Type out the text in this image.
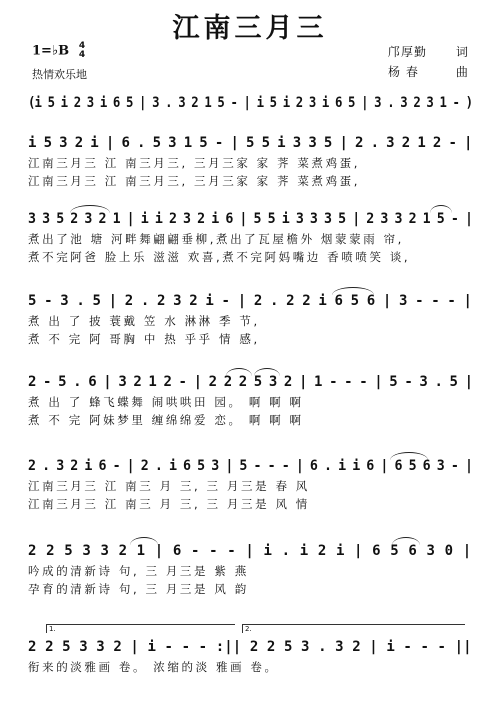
江南三月三
1=♭B 4
4
热情欢乐地
邝厚勤 词
杨 春	曲
(i 5 i 2 3 i 6 5 | 3 . 3 2 1 5 - | i 5 i 2 3 i 6 5 | 3 . 3 2 3 1 - )
i 5 3 2 i | 6 . 5 3 1 5 - | 5 5 i 3 3 5 | 2 . 3 2 1 2 - |
江南三月三 江 南三月三, 三月三家 家 荠 菜煮鸡蛋,
江南三月三 江 南三月三, 三月三家 家 荠 菜煮鸡蛋,
3 3 5 2 3 2 1 | i i 2 3 2 i 6 | 5 5 i 3 3 3 5 | 2 3 3 2 1 5 - |
煮出了池 塘 河畔舞翩翩垂柳,煮出了瓦屋檐外 烟蒙蒙雨 帘,
煮不完阿爸 脸上乐 滋滋 欢喜,煮不完阿妈嘴边 香喷喷笑 谈,
5 - 3 . 5 | 2 . 2 3 2 i - | 2 . 2 2 i 6 5 6 | 3 - - - |
煮 出 了 披 蓑戴 笠 水 淋淋 季 节,
煮 不 完 阿 哥胸 中 热 乎乎 情 感,
2 - 5 . 6 | 3 2 1 2 - | 2 2 2 5 3 2 | 1 - - - | 5 - 3 . 5 |
煮 出 了 蜂飞蝶舞 闹哄哄田 园。 啊 啊 啊
煮 不 完 阿妹梦里 缠绵绵爱 恋。 啊 啊 啊
2 . 3 2 i 6 - | 2 . i 6 5 3 | 5 - - - | 6 . i i 6 | 6 5 6 3 - |
江南三月三 江 南三 月 三, 三 月三是 春 风
江南三月三 江 南三 月 三, 三 月三是 风 情
2 2 5 3 3 2 1 | 6 - - - | i . i 2 i | 6 5 6 3 0 |
吟成的清新诗 句, 三 月三是 紫 燕
孕育的清新诗 句, 三 月三是 风 韵
1.	2.
2 2 5 3 3 2 | i - - - :|| 2 2 5 3 . 3 2 | i - - - ||
衔来的淡雅画 卷。 浓缩的淡 雅画 卷。
